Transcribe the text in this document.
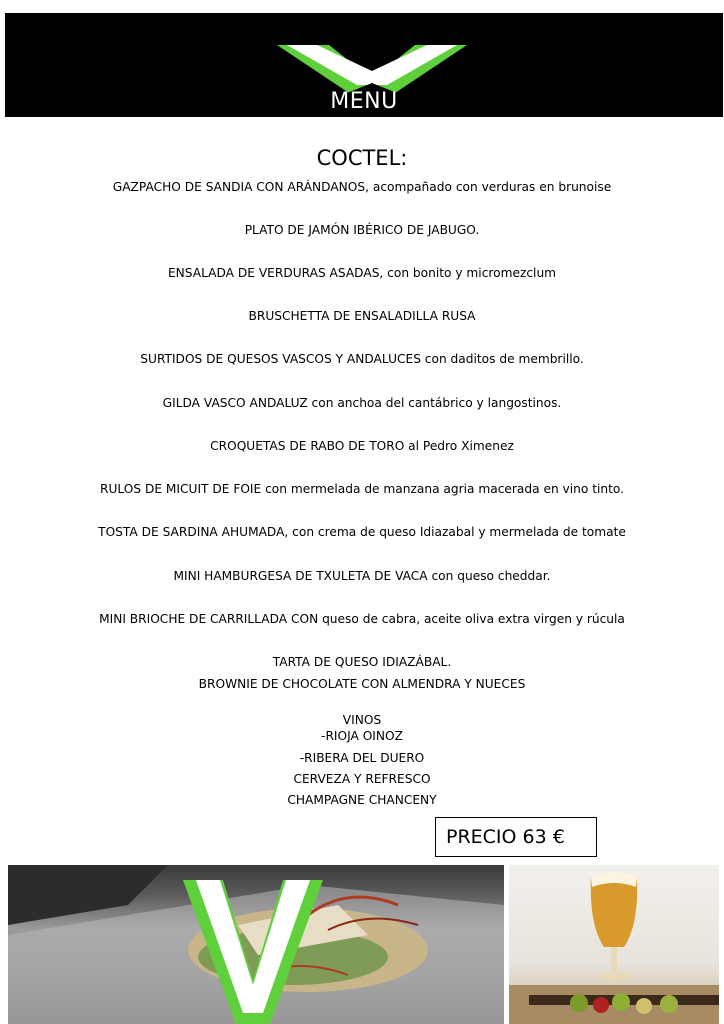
MENU
COCTEL:
GAZPACHO DE SANDIA CON ARÁNDANOS, acompañado con verduras en brunoise
PLATO DE JAMÓN IBÉRICO DE JABUGO.
ENSALADA DE VERDURAS ASADAS, con bonito y micromezclum
BRUSCHETTA DE ENSALADILLA RUSA
SURTIDOS DE QUESOS VASCOS Y ANDALUCES con daditos de membrillo.
GILDA VASCO ANDALUZ con anchoa del cantábrico y langostinos.
CROQUETAS DE RABO DE TORO al Pedro Ximenez
RULOS DE MICUIT DE FOIE con mermelada de manzana agria macerada en vino tinto.
TOSTA DE SARDINA AHUMADA, con crema de queso Idiazabal y mermelada de tomate
MINI HAMBURGESA DE TXULETA DE VACA con queso cheddar.
MINI BRIOCHE DE CARRILLADA CON queso de cabra, aceite oliva extra virgen y rúcula
TARTA DE QUESO IDIAZÁBAL.
BROWNIE DE CHOCOLATE CON ALMENDRA Y NUECES
VINOS
-RIOJA OINOZ
-RIBERA DEL DUERO
CERVEZA Y REFRESCO
CHAMPAGNE CHANCENY
PRECIO 63 €
